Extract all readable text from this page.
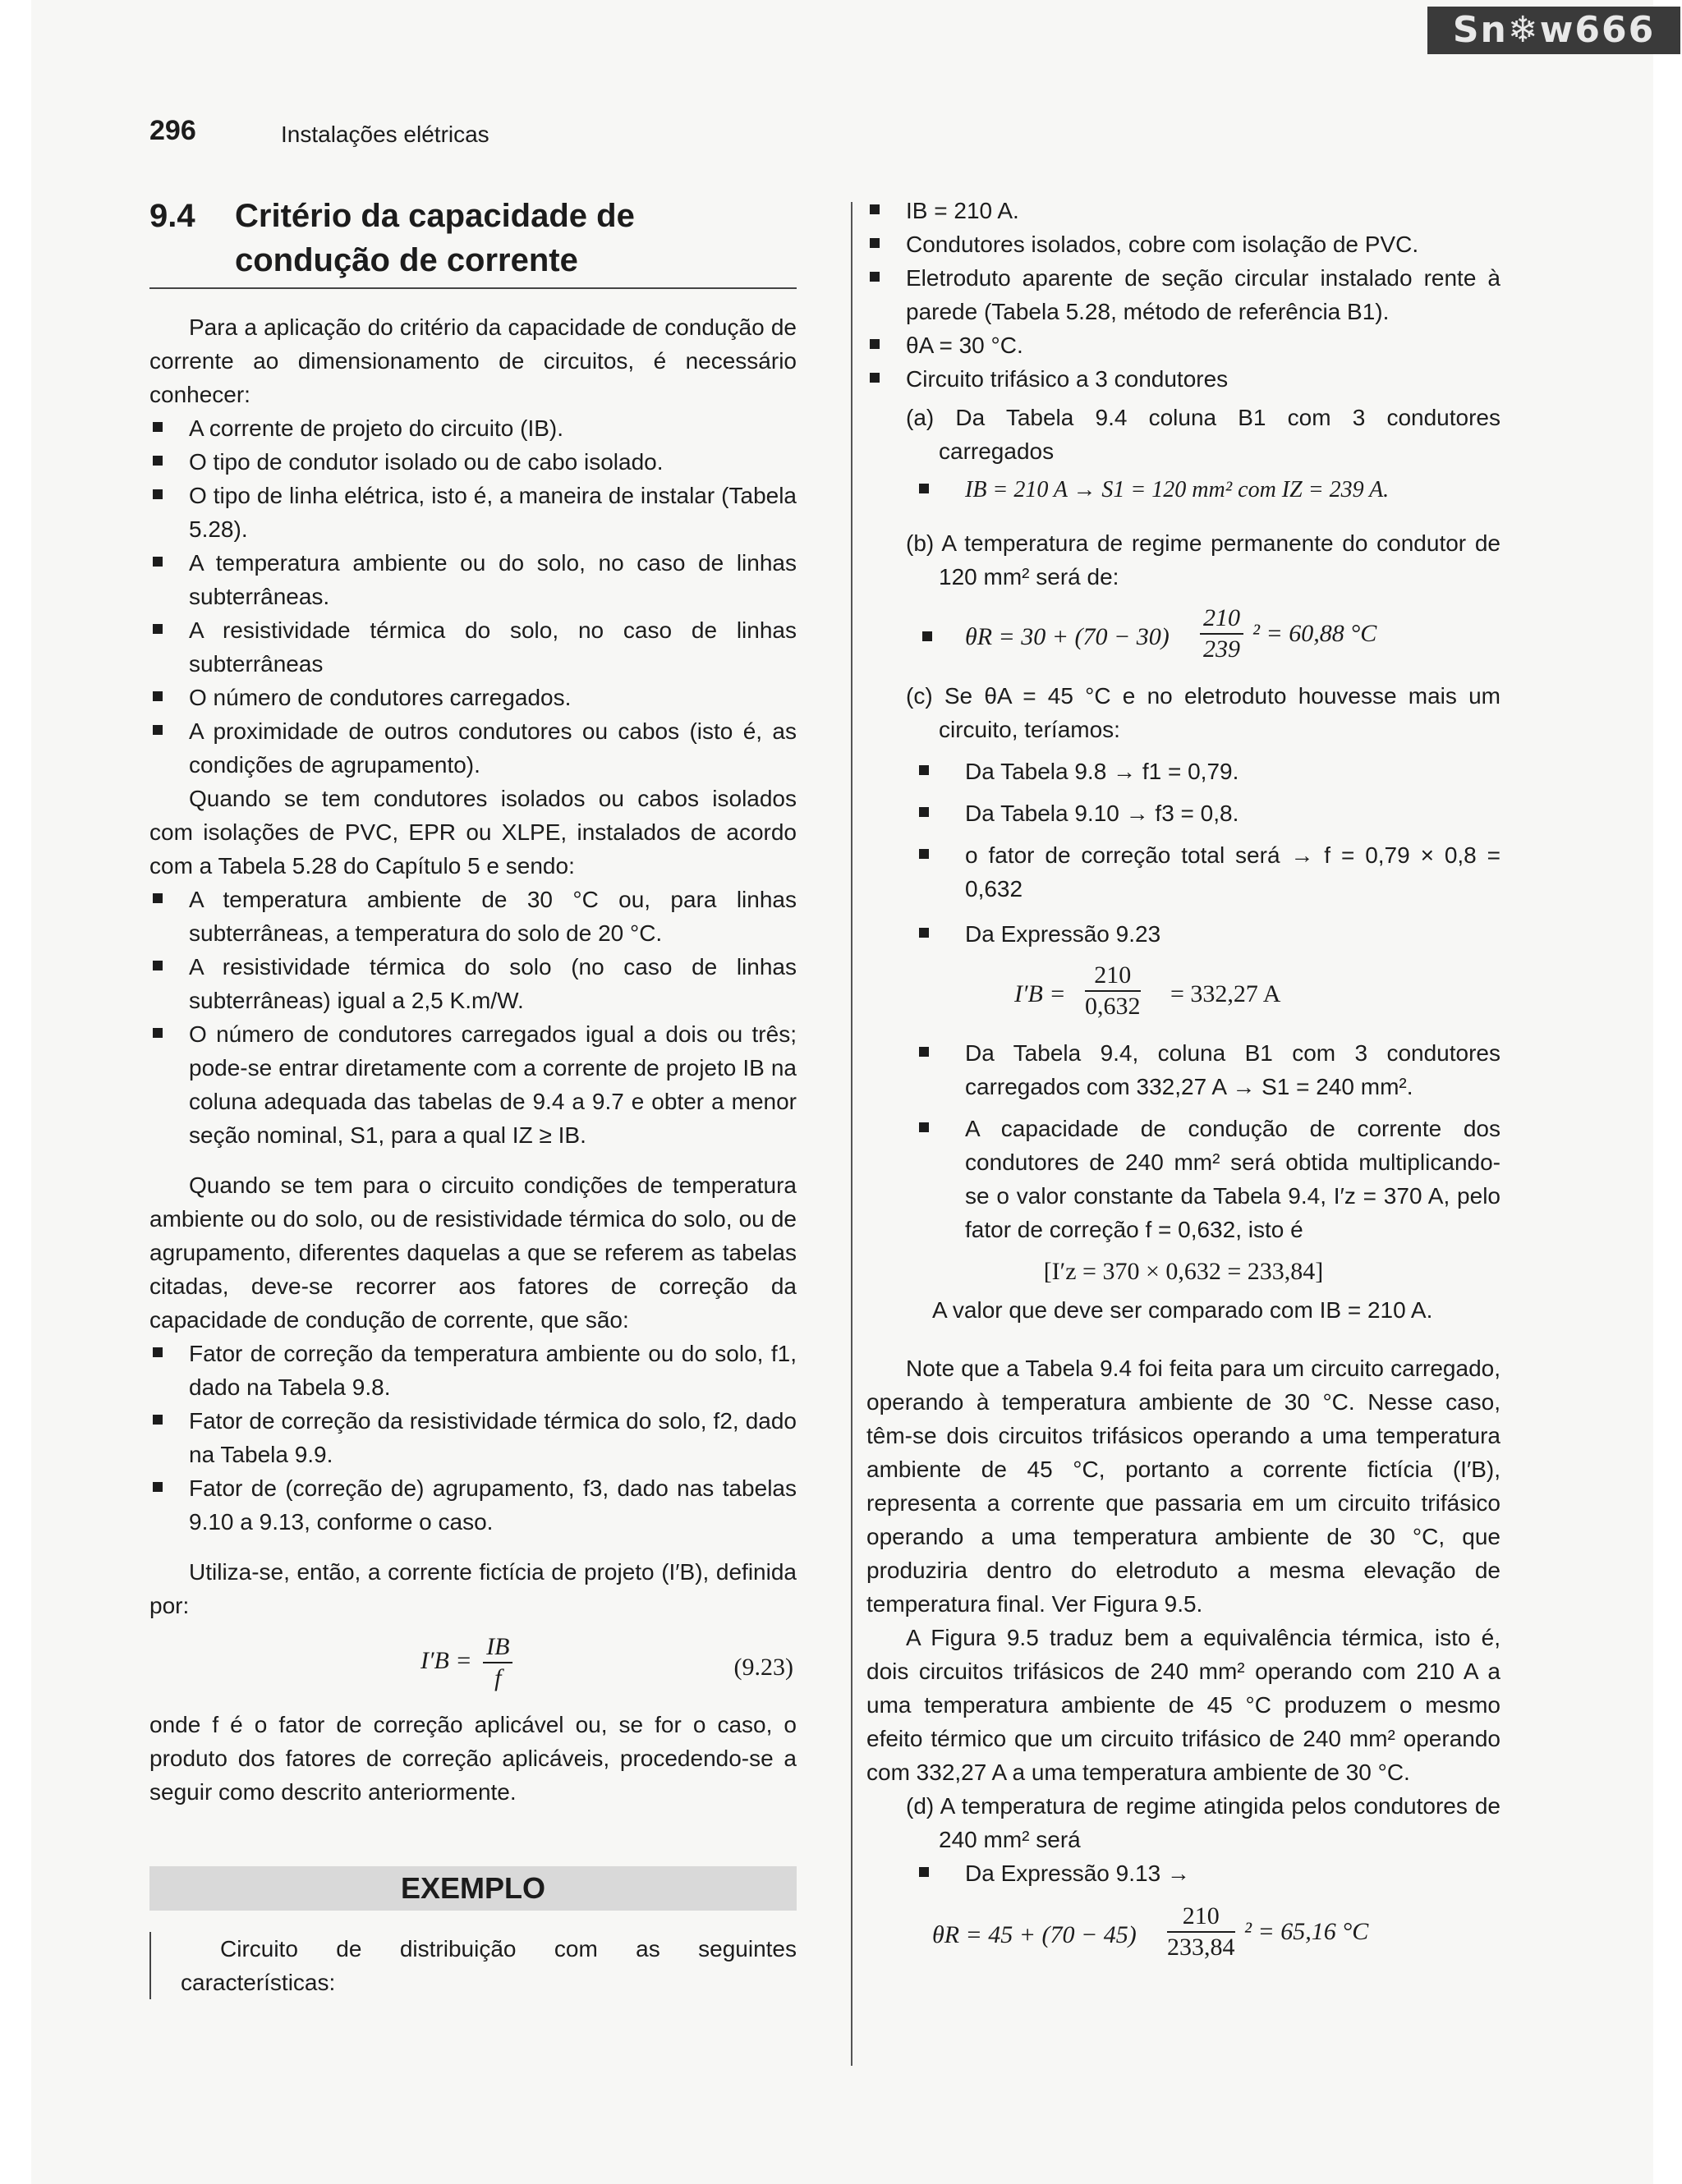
Sn❄w666
296	Instalações elétricas
9.4 Critério da capacidade de
condução de corrente

Para a aplicação do critério da capacidade de condução de corrente ao dimensionamento de circuitos, é necessário conhecer:

A corrente de projeto do circuito (IB).
O tipo de condutor isolado ou de cabo isolado.
O tipo de linha elétrica, isto é, a maneira de instalar (Tabela 5.28).
A temperatura ambiente ou do solo, no caso de linhas subterrâneas.
A resistividade térmica do solo, no caso de linhas subterrâneas
O número de condutores carregados.
A proximidade de outros condutores ou cabos (isto é, as condições de agrupamento).

Quando se tem condutores isolados ou cabos isolados com isolações de PVC, EPR ou XLPE, instalados de acordo com a Tabela 5.28 do Capítulo 5 e sendo:

A temperatura ambiente de 30 °C ou, para linhas subterrâneas, a temperatura do solo de 20 °C.
A resistividade térmica do solo (no caso de linhas subterrâneas) igual a 2,5 K.m/W.
O número de condutores carregados igual a dois ou três; pode-se entrar diretamente com a corrente de projeto IB na coluna adequada das tabelas de 9.4 a 9.7 e obter a menor seção nominal, S1, para a qual IZ ≥ IB.

Quando se tem para o circuito condições de temperatura ambiente ou do solo, ou de resistividade térmica do solo, ou de agrupamento, diferentes daquelas a que se referem as tabelas citadas, deve-se recorrer aos fatores de correção da capacidade de condução de corrente, que são:

Fator de correção da temperatura ambiente ou do solo, f1, dado na Tabela 9.8.
Fator de correção da resistividade térmica do solo, f2, dado na Tabela 9.9.
Fator de (correção de) agrupamento, f3, dado nas tabelas 9.10 a 9.13, conforme o caso.

Utiliza-se, então, a corrente fictícia de projeto (I′B), definida por:

$I'B = \frac{IB}{f}$	(9.23)

onde f é o fator de correção aplicável ou, se for o caso, o produto dos fatores de correção aplicáveis, procedendo-se a seguir como descrito anteriormente.

EXEMPLO

Circuito de distribuição com as seguintes características:

IB = 210 A.
Condutores isolados, cobre com isolação de PVC.
Eletroduto aparente de seção circular instalado rente à parede (Tabela 5.28, método de referência B1).
θA = 30 °C.
Circuito trifásico a 3 condutores

(a) Da Tabela 9.4 coluna B1 com 3 condutores carregados

IB = 210 A → S1 = 120 mm² com IZ = 239 A.

(b) A temperatura de regime permanente do condutor de 120 mm² será de:

$\theta R = 30 + (70 - 30) \frac{210}{239} ^2 = 60,88$ °C

(c) Se θA = 45 °C e no eletroduto houvesse mais um circuito, teríamos:

Da Tabela 9.8 → f1 = 0,79.
Da Tabela 9.10 → f3 = 0,8.
o fator de correção total será → f = 0,79 × 0,8 = 0,632
Da Expressão 9.23
$I'B = \frac{210}{0,632} = 332,27$ A
Da Tabela 9.4, coluna B1 com 3 condutores carregados com 332,27 A → S1 = 240 mm².
A capacidade de condução de corrente dos condutores de 240 mm² será obtida multiplicando-se o valor constante da Tabela 9.4, I′z = 370 A, pelo fator de correção f = 0,632, isto é

[I′z = 370 × 0,632 = 233,84]

A valor que deve ser comparado com IB = 210 A.

Note que a Tabela 9.4 foi feita para um circuito carregado, operando à temperatura ambiente de 30 °C. Nesse caso, têm-se dois circuitos trifásicos operando a uma temperatura ambiente de 45 °C, portanto a corrente fictícia (I′B), representa a corrente que passaria em um circuito trifásico operando a uma temperatura ambiente de 30 °C, que produziria dentro do eletroduto a mesma elevação de temperatura final. Ver Figura 9.5.

A Figura 9.5 traduz bem a equivalência térmica, isto é, dois circuitos trifásicos de 240 mm² operando com 210 A a uma temperatura ambiente de 45 °C produzem o mesmo efeito térmico que um circuito trifásico de 240 mm² operando com 332,27 A a uma temperatura ambiente de 30 °C.

(d) A temperatura de regime atingida pelos condutores de 240 mm² será

Da Expressão 9.13 →
$\theta R = 45 + (70 - 45) \frac{210}{233,84} ^2 = 65,16$ °C
